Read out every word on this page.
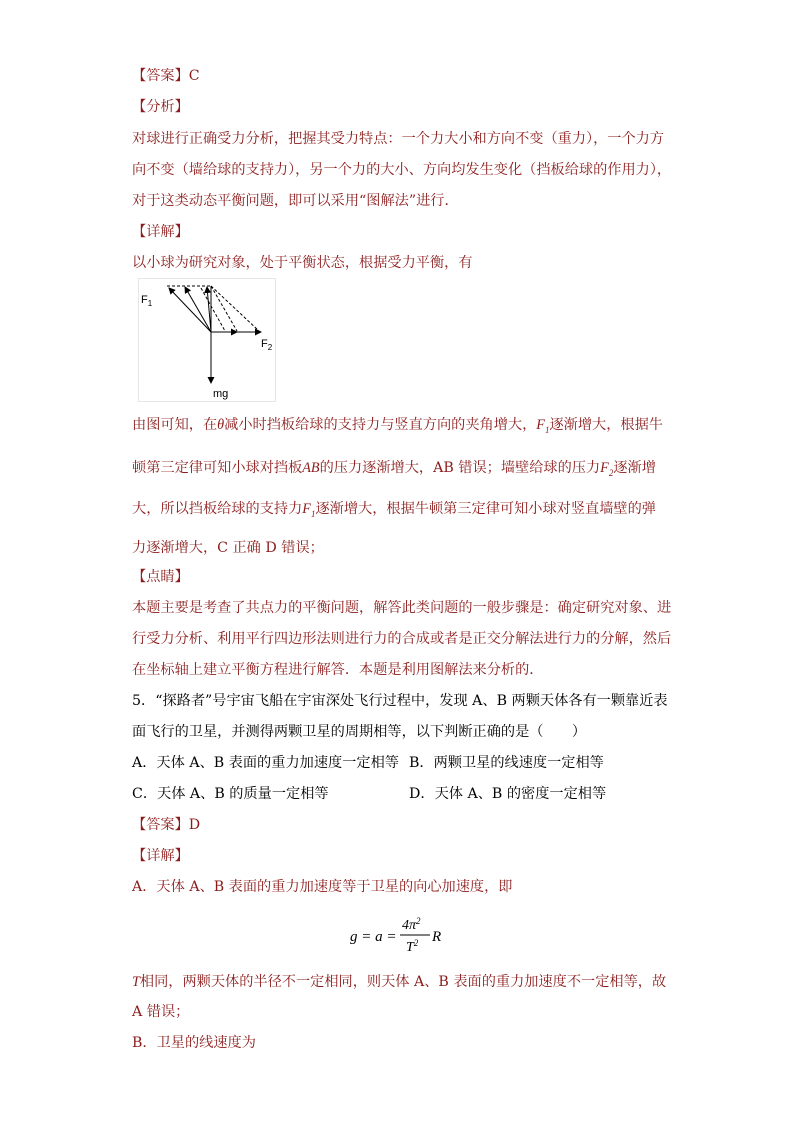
【答案】C
【分析】
对球进行正确受力分析，把握其受力特点：一个力大小和方向不变（重力），一个力方
向不变（墙给球的支持力），另一个力的大小、方向均发生变化（挡板给球的作用力），
对于这类动态平衡问题，即可以采用“图解法”进行．
【详解】
以小球为研究对象，处于平衡状态，根据受力平衡，有
$F_1$
$F_2$
mg
由图可知，在θ减小时挡板给球的支持力与竖直方向的夹角增大，$F_1$逐渐增大，根据牛
顿第三定律可知小球对挡板AB的压力逐渐增大，AB 错误；墙壁给球的压力$F_2$逐渐增
大，所以挡板给球的支持力$F_1$逐渐增大，根据牛顿第三定律可知小球对竖直墙壁的弹
力逐渐增大，C 正确 D 错误；
【点睛】
本题主要是考查了共点力的平衡问题，解答此类问题的一般步骤是：确定研究对象、进
行受力分析、利用平行四边形法则进行力的合成或者是正交分解法进行力的分解，然后
在坐标轴上建立平衡方程进行解答．本题是利用图解法来分析的．
5．“探路者”号宇宙飞船在宇宙深处飞行过程中，发现 A、B 两颗天体各有一颗靠近表
面飞行的卫星，并测得两颗卫星的周期相等，以下判断正确的是（　　）
A．天体 A、B 表面的重力加速度一定相等 B．两颗卫星的线速度一定相等
C．天体 A、B 的质量一定相等	D．天体 A、B 的密度一定相等
【答案】D
【详解】
A．天体 A、B 表面的重力加速度等于卫星的向心加速度，即
g = a =
$4\pi^2$
$T^2$ R
T相同，两颗天体的半径不一定相同，则天体 A、B 表面的重力加速度不一定相等，故
A 错误；
B．卫星的线速度为
